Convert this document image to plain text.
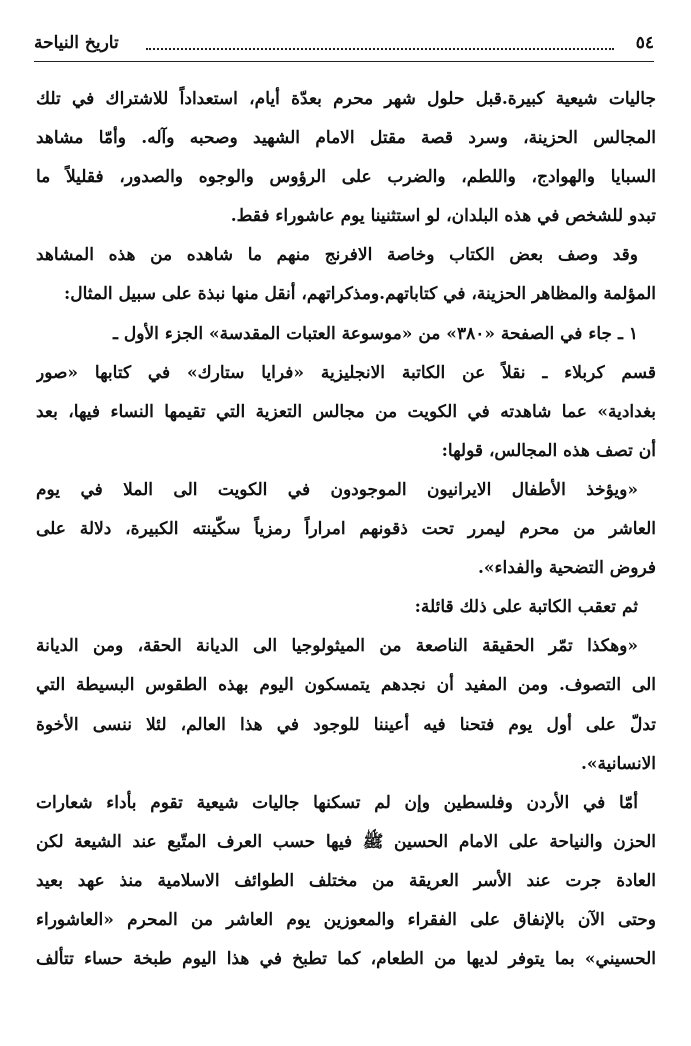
تاريخ النياحة	٥٤
جاليات شيعية كبيرة.قبل حلول شهر محرم بعدّة أيام، استعداداً للاشتراك في تلك
المجالس الحزينة، وسرد قصة مقتل الامام الشهيد وصحبه وآله. وأمّا مشاهد
السبايا والهوادج، واللطم، والضرب على الرؤوس والوجوه والصدور، فقليلاً ما
تبدو للشخص في هذه البلدان، لو استثنينا يوم عاشوراء فقط.
وقد وصف بعض الكتاب وخاصة الافرنج منهم ما شاهده من هذه المشاهد
المؤلمة والمظاهر الحزينة، في كتاباتهم.ومذكراتهم، أنقل منها نبذة على سبيل المثال:
١ ـ جاء في الصفحة «٣٨٠» من «موسوعة العتبات المقدسة» الجزء الأول ـ
قسم كربلاء ـ نقلاً عن الكاتبة الانجليزية «فرايا ستارك» في كتابها «صور
بغدادية» عما شاهدته في الكويت من مجالس التعزية التي تقيمها النساء فيها، بعد
أن تصف هذه المجالس، قولها:
«ويؤخذ الأطفال الايرانيون الموجودون في الكويت الى الملا في يوم
العاشر من محرم ليمرر تحت ذقونهم امراراً رمزياً سكّينته الكبيرة، دلالة على
فروض التضحية والفداء».
ثم تعقب الكاتبة على ذلك قائلة:
«وهكذا تمّر الحقيقة الناصعة من الميثولوجيا الى الديانة الحقة، ومن الديانة
الى التصوف. ومن المفيد أن نجدهم يتمسكون اليوم بهذه الطقوس البسيطة التي
تدلّ على أول يوم فتحنا فيه أعيننا للوجود في هذا العالم، لئلا ننسى الأخوة
الانسانية».
أمّا في الأردن وفلسطين وإن لم تسكنها جاليات شيعية تقوم بأداء شعارات
الحزن والنياحة على الامام الحسين ﷺ فيها حسب العرف المتّبع عند الشيعة لكن
العادة جرت عند الأسر العريقة من مختلف الطوائف الاسلامية منذ عهد بعيد
وحتى الآن بالإنفاق على الفقراء والمعوزين يوم العاشر من المحرم «العاشوراء
الحسيني» بما يتوفر لديها من الطعام، كما تطبخ في هذا اليوم طبخة حساء تتألف
